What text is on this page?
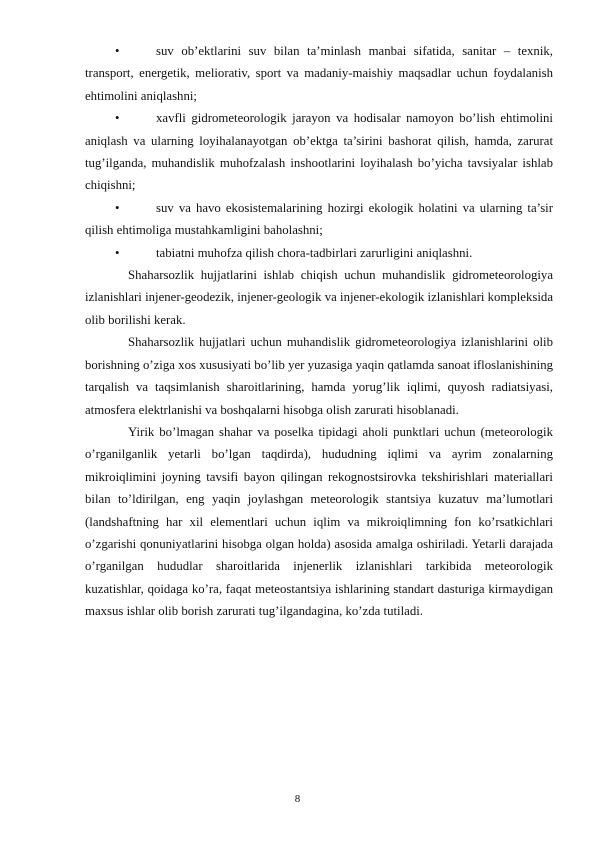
•	suv ob’ektlarini suv bilan ta’minlash manbai sifatida, sanitar – texnik, transport, energetik, meliorativ, sport va madaniy-maishiy maqsadlar uchun foydalanish ehtimolini aniqlashni;

•	xavfli gidrometeorologik jarayon va hodisalar namoyon bo’lish ehtimolini aniqlash va ularning loyihalanayotgan ob’ektga ta’sirini bashorat qilish, hamda, zarurat tug’ilganda, muhandislik muhofzalash inshootlarini loyihalash bo’yicha tavsiyalar ishlab chiqishni;

•	suv va havo ekosistemalarining hozirgi ekologik holatini va ularning ta’sir qilish ehtimoliga mustahkamligini baholashni;

•	tabiatni muhofza qilish chora-tadbirlari zarurligini aniqlashni.

Shaharsozlik hujjatlarini ishlab chiqish uchun muhandislik gidrometeorologiya izlanishlari injener-geodezik, injener-geologik va injener-ekologik izlanishlari kompleksida olib borilishi kerak.

Shaharsozlik hujjatlari uchun muhandislik gidrometeorologiya izlanishlarini olib borishning o’ziga xos xususiyati bo’lib yer yuzasiga yaqin qatlamda sanoat ifloslanishining tarqalish va taqsimlanish sharoitlarining, hamda yorug’lik iqlimi, quyosh radiatsiyasi, atmosfera elektrlanishi va boshqalarni hisobga olish zarurati hisoblanadi.

Yirik bo’lmagan shahar va poselka tipidagi aholi punktlari uchun (meteorologik o’rganilganlik yetarli bo’lgan taqdirda), hududning iqlimi va ayrim zonalarning mikroiqlimini joyning tavsifi bayon qilingan rekognostsirovka tekshirishlari materiallari bilan to’ldirilgan, eng yaqin joylashgan meteorologik stantsiya kuzatuv ma’lumotlari (landshaftning har xil elementlari uchun iqlim va mikroiqlimning fon ko’rsatkichlari o’zgarishi qonuniyatlarini hisobga olgan holda) asosida amalga oshiriladi. Yetarli darajada o’rganilgan hududlar sharoitlarida injenerlik izlanishlari tarkibida meteorologik kuzatishlar, qoidaga ko’ra, faqat meteostantsiya ishlarining standart dasturiga kirmaydigan maxsus ishlar olib borish zarurati tug’ilgandagina, ko’zda tutiladi.

8
